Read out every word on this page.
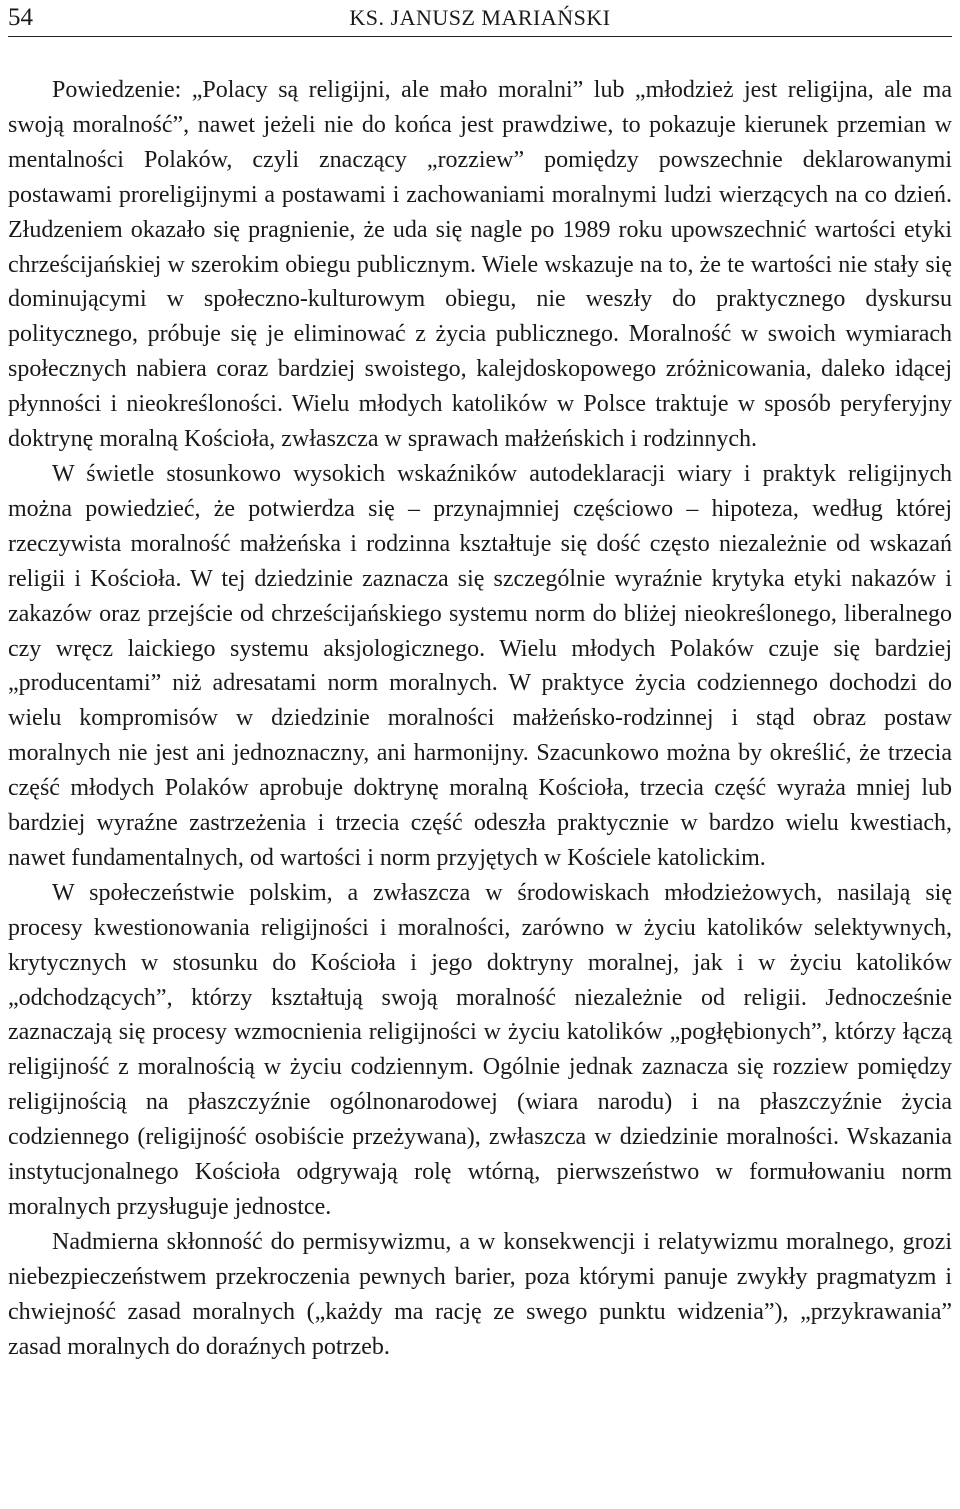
54	KS. JANUSZ MARIAŃSKI

Powiedzenie: „Polacy są religijni, ale mało moralni” lub „młodzież jest religijna, ale ma swoją moralność”, nawet jeżeli nie do końca jest prawdziwe, to pokazuje kierunek przemian w mentalności Polaków, czyli znaczący „rozziew” pomiędzy powszechnie deklarowanymi postawami proreligijnymi a postawami i zachowaniami moralnymi ludzi wierzących na co dzień. Złudzeniem okazało się pragnienie, że uda się nagle po 1989 roku upowszechnić wartości etyki chrześcijańskiej w szerokim obiegu publicznym. Wiele wskazuje na to, że te wartości nie stały się dominującymi w społeczno-kulturowym obiegu, nie weszły do praktycznego dyskursu politycznego, próbuje się je eliminować z życia publicznego. Moralność w swoich wymiarach społecznych nabiera coraz bardziej swoistego, kalejdoskopowego zróżnicowania, daleko idącej płynności i nieokreśloności. Wielu młodych katolików w Polsce traktuje w sposób peryferyjny doktrynę moralną Kościoła, zwłaszcza w sprawach małżeńskich i rodzinnych.

W świetle stosunkowo wysokich wskaźników autodeklaracji wiary i praktyk religijnych można powiedzieć, że potwierdza się – przynajmniej częściowo – hipoteza, według której rzeczywista moralność małżeńska i rodzinna kształtuje się dość często niezależnie od wskazań religii i Kościoła. W tej dziedzinie zaznacza się szczególnie wyraźnie krytyka etyki nakazów i zakazów oraz przejście od chrześcijańskiego systemu norm do bliżej nieokreślonego, liberalnego czy wręcz laickiego systemu aksjologicznego. Wielu młodych Polaków czuje się bardziej „producentami” niż adresatami norm moralnych. W praktyce życia codziennego dochodzi do wielu kompromisów w dziedzinie moralności małżeńsko-rodzinnej i stąd obraz postaw moralnych nie jest ani jednoznaczny, ani harmonijny. Szacunkowo można by określić, że trzecia część młodych Polaków aprobuje doktrynę moralną Kościoła, trzecia część wyraża mniej lub bardziej wyraźne zastrzeżenia i trzecia część odeszła praktycznie w bardzo wielu kwestiach, nawet fundamentalnych, od wartości i norm przyjętych w Kościele katolickim.

W społeczeństwie polskim, a zwłaszcza w środowiskach młodzieżowych, nasilają się procesy kwestionowania religijności i moralności, zarówno w życiu katolików selektywnych, krytycznych w stosunku do Kościoła i jego doktryny moralnej, jak i w życiu katolików „odchodzących”, którzy kształtują swoją moralność niezależnie od religii. Jednocześnie zaznaczają się procesy wzmocnienia religijności w życiu katolików „pogłębionych”, którzy łączą religijność z moralnością w życiu codziennym. Ogólnie jednak zaznacza się rozziew pomiędzy religijnością na płaszczyźnie ogólnonarodowej (wiara narodu) i na płaszczyźnie życia codziennego (religijność osobiście przeżywana), zwłaszcza w dziedzinie moralności. Wskazania instytucjonalnego Kościoła odgrywają rolę wtórną, pierwszeństwo w formułowaniu norm moralnych przysługuje jednostce.

Nadmierna skłonność do permisywizmu, a w konsekwencji i relatywizmu moralnego, grozi niebezpieczeństwem przekroczenia pewnych barier, poza którymi panuje zwykły pragmatyzm i chwiejność zasad moralnych („każdy ma rację ze swego punktu widzenia”), „przykrawania” zasad moralnych do doraźnych potrzeb.
